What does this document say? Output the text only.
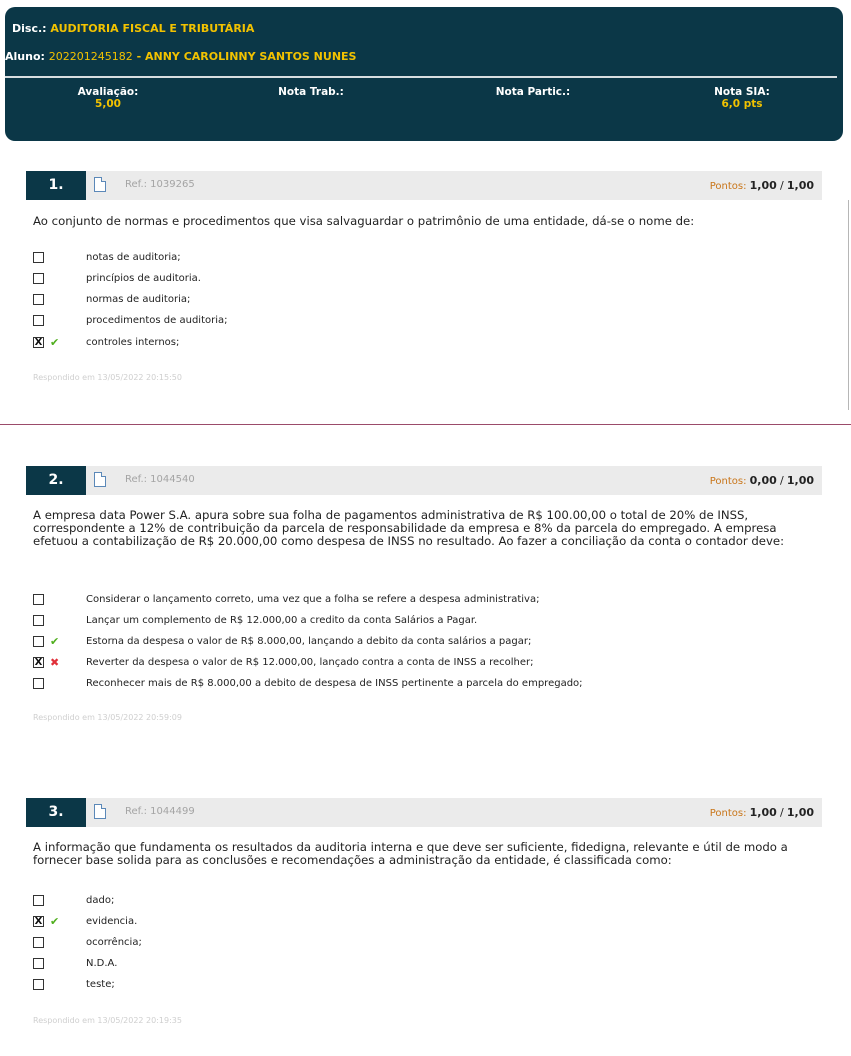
Disc.: AUDITORIA FISCAL E TRIBUTÁRIA
Aluno: 202201245182 - ANNY CAROLINNY SANTOS NUNES
Avaliação:
5,00
Nota Trab.:	Nota Partic.:	Nota SIA:
6,0 pts
1.	Ref.: 1039265	Pontos: 1,00 / 1,00
Ao conjunto de normas e procedimentos que visa salvaguardar o patrimônio de uma entidade, dá-se o nome de:
notas de auditoria;
princípios de auditoria.
normas de auditoria;
procedimentos de auditoria;
X ✔	controles internos;
Respondido em 13/05/2022 20:15:50
2.	Ref.: 1044540	Pontos: 0,00 / 1,00
A empresa data Power S.A. apura sobre sua folha de pagamentos administrativa de R$ 100.00,00 o total de 20% de INSS, correspondente a 12% de contribuição da parcela de responsabilidade da empresa e 8% da parcela do empregado. A empresa efetuou a contabilização de R$ 20.000,00 como despesa de INSS no resultado. Ao fazer a conciliação da conta o contador deve:
Considerar o lançamento correto, uma vez que a folha se refere a despesa administrativa;
Lançar um complemento de R$ 12.000,00 a credito da conta Salários a Pagar.
✔	Estorna da despesa o valor de R$ 8.000,00, lançando a debito da conta salários a pagar;
X ✖	Reverter da despesa o valor de R$ 12.000,00, lançado contra a conta de INSS a recolher;
Reconhecer mais de R$ 8.000,00 a debito de despesa de INSS pertinente a parcela do empregado;
Respondido em 13/05/2022 20:59:09
3.	Ref.: 1044499	Pontos: 1,00 / 1,00
A informação que fundamenta os resultados da auditoria interna e que deve ser suficiente, fidedigna, relevante e útil de modo a fornecer base solida para as conclusões e recomendações a administração da entidade, é classificada como:
dado;
X ✔	evidencia.
ocorrência;
N.D.A.
teste;
Respondido em 13/05/2022 20:19:35
